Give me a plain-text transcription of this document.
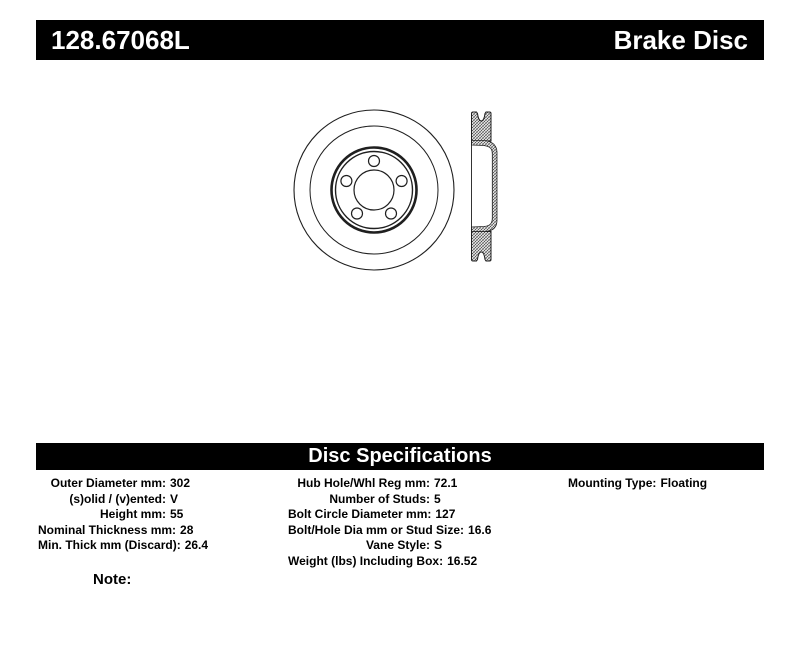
128.67068L	Brake Disc
Disc Specifications
Outer Diameter mm: 302
(s)olid / (v)ented: V
Height mm: 55
Nominal Thickness mm: 28
Min. Thick mm (Discard): 26.4
Hub Hole/Whl Reg mm: 72.1
Number of Studs: 5
Bolt Circle Diameter mm: 127
Bolt/Hole Dia mm or Stud Size: 16.6
Vane Style: S
Weight (lbs) Including Box: 16.52
Mounting Type: Floating
Note:
